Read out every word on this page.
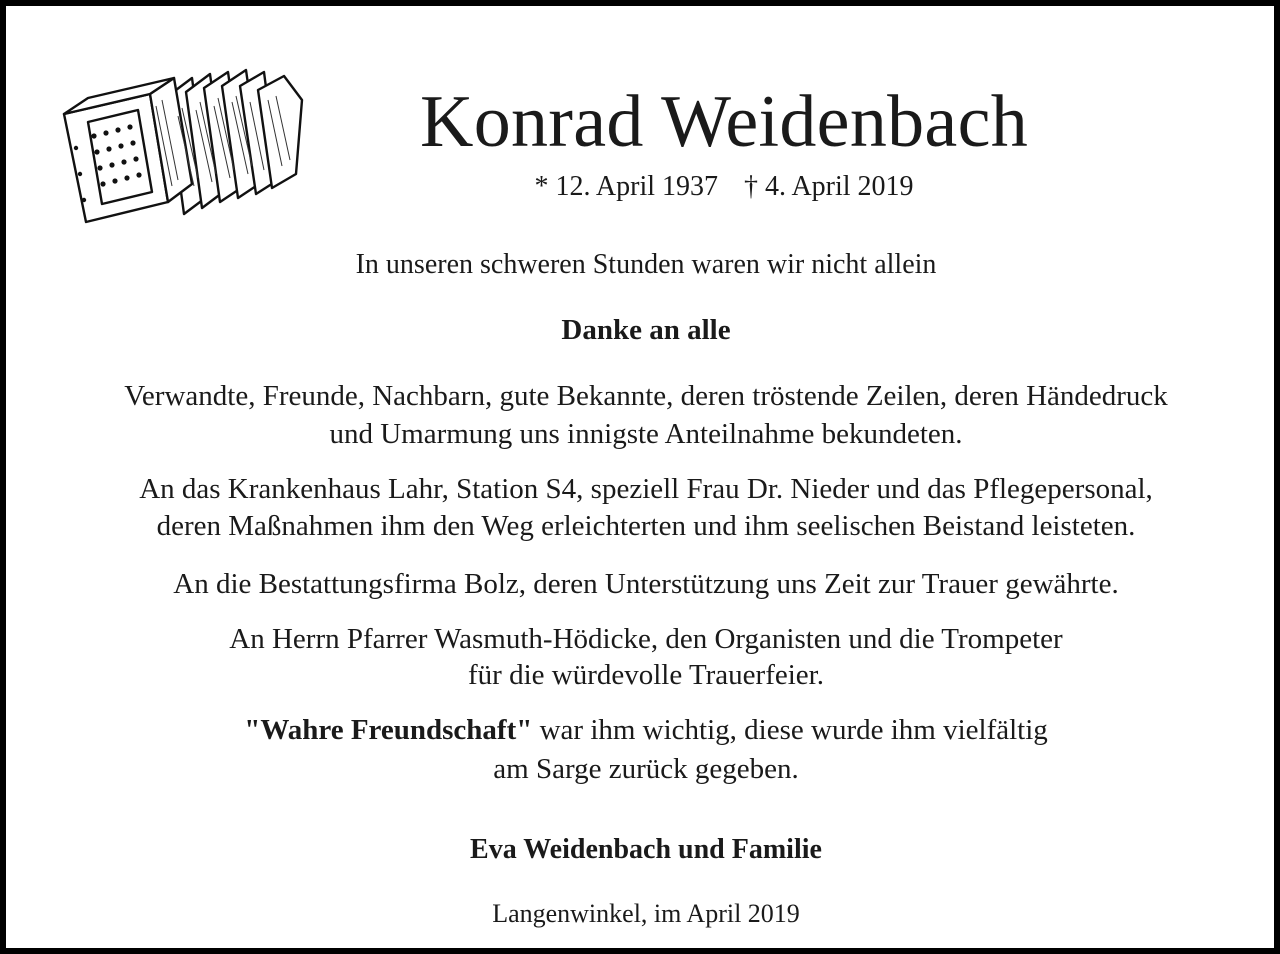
Konrad Weidenbach
* 12. April 1937 † 4. April 2019
In unseren schweren Stunden waren wir nicht allein
Danke an alle
Verwandte, Freunde, Nachbarn, gute Bekannte, deren tröstende Zeilen, deren Händedruck
und Umarmung uns innigste Anteilnahme bekundeten.
An das Krankenhaus Lahr, Station S4, speziell Frau Dr. Nieder und das Pflegepersonal,
deren Maßnahmen ihm den Weg erleichterten und ihm seelischen Beistand leisteten.
An die Bestattungsfirma Bolz, deren Unterstützung uns Zeit zur Trauer gewährte.
An Herrn Pfarrer Wasmuth-Hödicke, den Organisten und die Trompeter
für die würdevolle Trauerfeier.
"Wahre Freundschaft" war ihm wichtig, diese wurde ihm vielfältig
am Sarge zurück gegeben.
Eva Weidenbach und Familie
Langenwinkel, im April 2019
